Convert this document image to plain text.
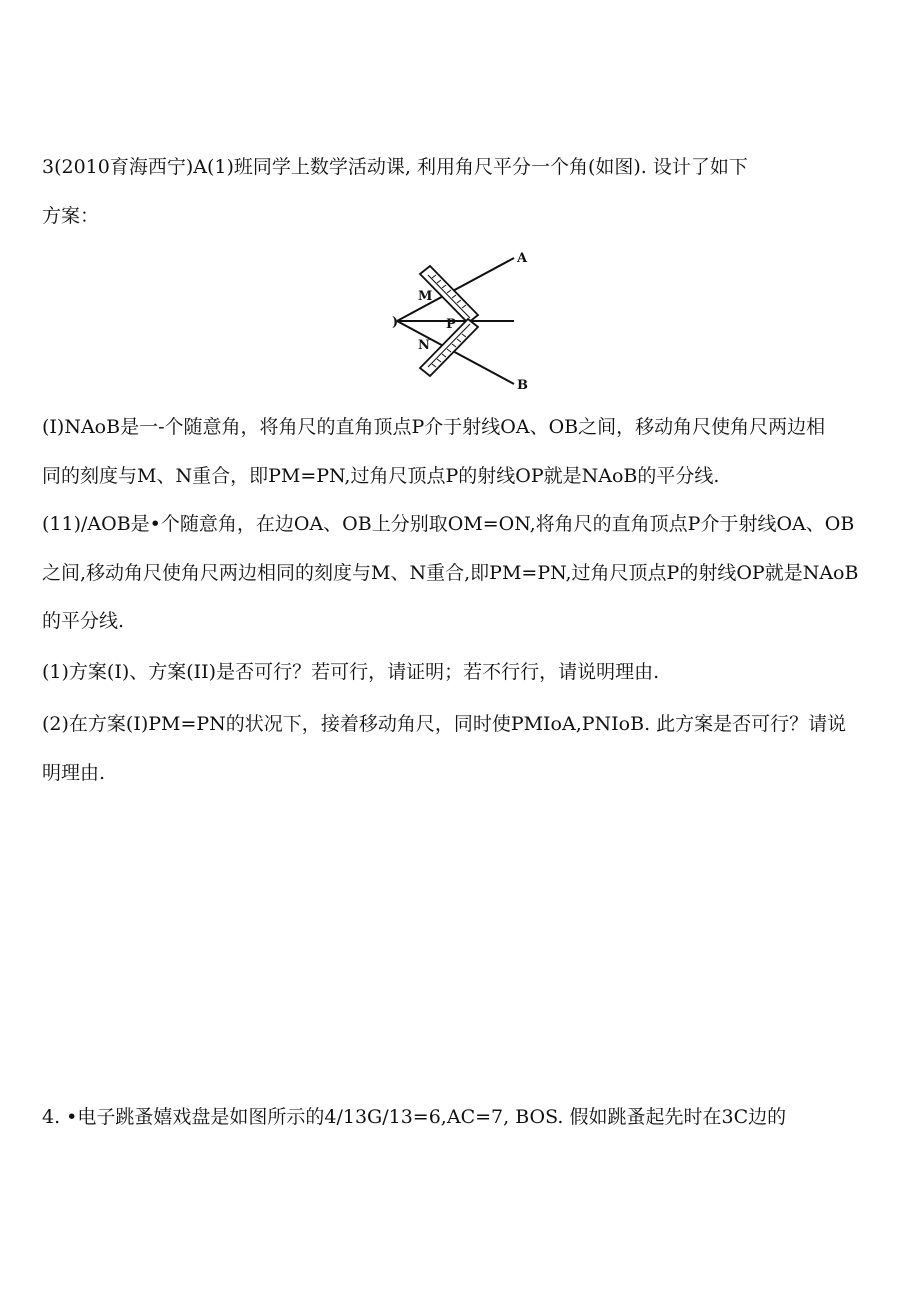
3(2010育海西宁)A(1)班同学上数学活动课, 利用角尺平分一个角(如图). 设计了如下
方案：
A
B
M
N
P
)
(I)NAoB是一-个随意角，将角尺的直角顶点P介于射线OA、OB之间，移动角尺使角尺两边相
同的刻度与M、N重合，即PM=PN,过角尺顶点P的射线OP就是NAoB的平分线.
(11)/AOB是•个随意角，在边OA、OB上分别取OM=ON,将角尺的直角顶点P介于射线OA、OB
之间,移动角尺使角尺两边相同的刻度与M、N重合,即PM=PN,过角尺顶点P的射线OP就是NAoB
的平分线.
(1)方案(I)、方案(II)是否可行？若可行，请证明；若不行行，请说明理由.
(2)在方案(I)PM=PN的状况下，接着移动角尺，同时使PMIoA,PNIoB. 此方案是否可行？请说
明理由.
4. •电子跳蚤嬉戏盘是如图所示的4/13G/13=6,AC=7, BOS. 假如跳蚤起先时在3C边的
